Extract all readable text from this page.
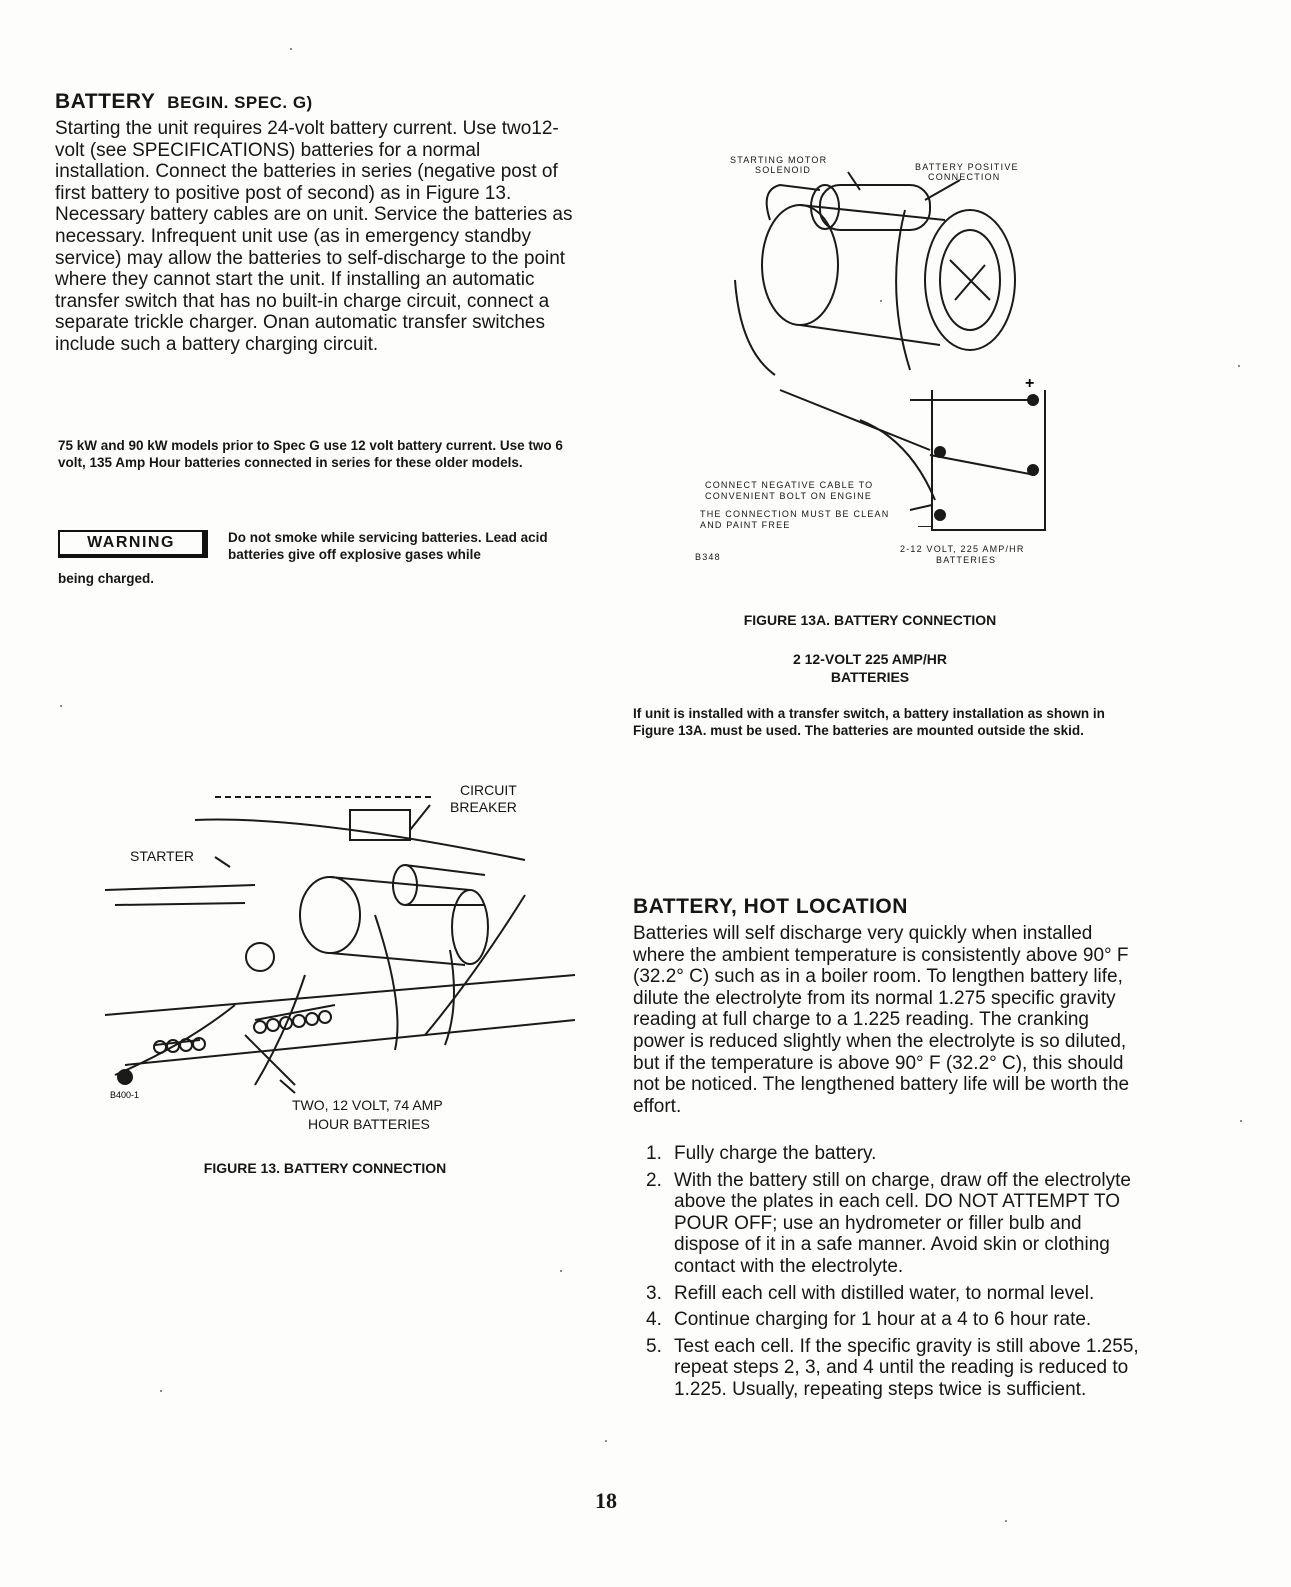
BATTERY BEGIN. SPEC. G)
Starting the unit requires 24-volt battery current. Use two12-volt (see SPECIFICATIONS) batteries for a normal installation. Connect the batteries in series (negative post of first battery to positive post of second) as in Figure 13. Necessary battery cables are on unit. Service the batteries as necessary. Infrequent unit use (as in emergency standby service) may allow the batteries to self-discharge to the point where they cannot start the unit. If installing an automatic transfer switch that has no built-in charge circuit, connect a separate trickle charger. Onan automatic transfer switches include such a battery charging circuit.
75 kW and 90 kW models prior to Spec G use 12 volt battery current. Use two 6 volt, 135 Amp Hour batteries connected in series for these older models.
WARNING	Do not smoke while servicing batteries. Lead acid batteries give off explosive gases while
being charged.
STARTING MOTOR
SOLENOID	BATTERY POSITIVE
CONNECTION
CONNECT NEGATIVE CABLE TO
CONVENIENT BOLT ON ENGINE
THE CONNECTION MUST BE CLEAN
AND PAINT FREE
B348
2-12 VOLT, 225 AMP/HR
BATTERIES
+
—
FIGURE 13A. BATTERY CONNECTION
2 12-VOLT 225 AMP/HR
BATTERIES
If unit is installed with a transfer switch, a battery installation as shown in Figure 13A. must be used. The batteries are mounted outside the skid.
CIRCUIT
BREAKER
STARTER
B400-1
TWO, 12 VOLT, 74 AMP
HOUR BATTERIES
FIGURE 13. BATTERY CONNECTION
BATTERY, HOT LOCATION
Batteries will self discharge very quickly when installed where the ambient temperature is consistently above 90° F (32.2° C) such as in a boiler room. To lengthen battery life, dilute the electrolyte from its normal 1.275 specific gravity reading at full charge to a 1.225 reading. The cranking power is reduced slightly when the electrolyte is so diluted, but if the temperature is above 90° F (32.2° C), this should not be noticed. The lengthened battery life will be worth the effort.
1. Fully charge the battery.
2. With the battery still on charge, draw off the electrolyte above the plates in each cell. DO NOT ATTEMPT TO POUR OFF; use an hydrometer or filler bulb and dispose of it in a safe manner. Avoid skin or clothing contact with the electrolyte.
3. Refill each cell with distilled water, to normal level.
4. Continue charging for 1 hour at a 4 to 6 hour rate.
5. Test each cell. If the specific gravity is still above 1.255, repeat steps 2, 3, and 4 until the reading is reduced to 1.225. Usually, repeating steps twice is sufficient.
18
